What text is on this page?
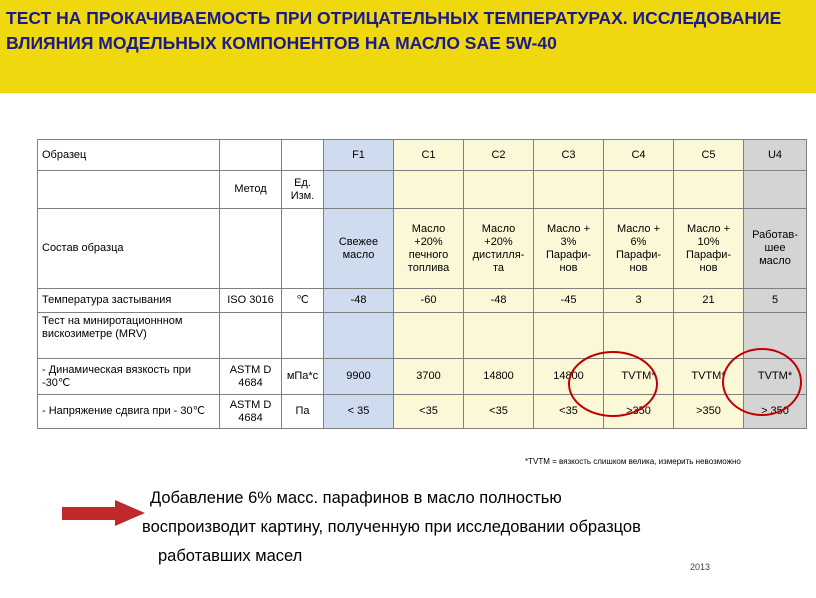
ТЕСТ НА ПРОКАЧИВАЕМОСТЬ ПРИ ОТРИЦАТЕЛЬНЫХ ТЕМПЕРАТУРАХ. ИССЛЕДОВАНИЕ ВЛИЯНИЯ МОДЕЛЬНЫХ КОМПОНЕНТОВ НА МАСЛО SAE 5W-40
Образец			F1	C1	C2	C3	C4	C5	U4
	Метод	Ед. Изм.							
Состав образца			Свежее масло	Масло +20% печного топлива	Масло +20% дистилля-та	Масло + 3% Парафи-нов	Масло + 6% Парафи-нов	Масло + 10% Парафи-нов	Работав-шее масло
Температура застывания	ISO 3016	℃	-48	-60	-48	-45	3	21	5
Тест на миниротационнном вискозиметре (MRV)									
- Динамическая вязкость при -30℃	ASTM D 4684	мПа*с	9900	3700	14800	14800	TVTM*	TVTM*	TVTM*
- Напряжение сдвига при - 30℃	ASTM D 4684	Па	< 35	<35	<35	<35	>350	>350	> 350
*TVTM = вязкость слишком велика, измерить невозможно
Добавление 6% масс. парафинов в масло полностью
воспроизводит картину, полученную при исследовании образцов
работавших масел
2013
